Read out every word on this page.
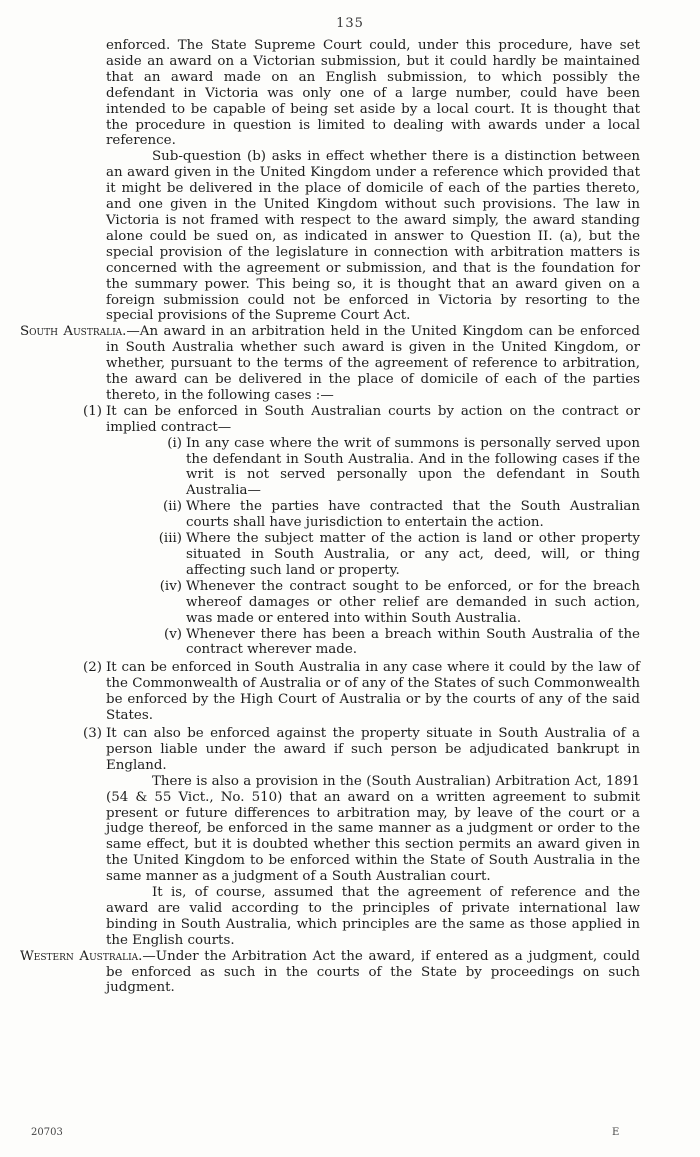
135

enforced. The State Supreme Court could, under this procedure, have set aside an award on a Victorian submission, but it could hardly be maintained that an award made on an English submission, to which possibly the defendant in Victoria was only one of a large number, could have been intended to be capable of being set aside by a local court. It is thought that the procedure in question is limited to dealing with awards under a local reference.

Sub-question (b) asks in effect whether there is a distinction between an award given in the United Kingdom under a reference which provided that it might be delivered in the place of domicile of each of the parties thereto, and one given in the United Kingdom without such provisions. The law in Victoria is not framed with respect to the award simply, the award standing alone could be sued on, as indicated in answer to Question II. (a), but the special provision of the legislature in connection with arbitration matters is concerned with the agreement or submission, and that is the foundation for the summary power. This being so, it is thought that an award given on a foreign submission could not be enforced in Victoria by resorting to the special provisions of the Supreme Court Act.

South Australia.—An award in an arbitration held in the United Kingdom can be enforced in South Australia whether such award is given in the United Kingdom, or whether, pursuant to the terms of the agreement of reference to arbitration, the award can be delivered in the place of domicile of each of the parties thereto, in the following cases :—

(1) It can be enforced in South Australian courts by action on the contract or implied contract—
(i) In any case where the writ of summons is personally served upon the defendant in South Australia. And in the following cases if the writ is not served personally upon the defendant in South Australia—
(ii) Where the parties have contracted that the South Australian courts shall have jurisdiction to entertain the action.
(iii) Where the subject matter of the action is land or other property situated in South Australia, or any act, deed, will, or thing affecting such land or property.
(iv) Whenever the contract sought to be enforced, or for the breach whereof damages or other relief are demanded in such action, was made or entered into within South Australia.
(v) Whenever there has been a breach within South Australia of the contract wherever made.
(2) It can be enforced in South Australia in any case where it could by the law of the Commonwealth of Australia or of any of the States of such Commonwealth be enforced by the High Court of Australia or by the courts of any of the said States.
(3) It can also be enforced against the property situate in South Australia of a person liable under the award if such person be adjudicated bankrupt in England.

There is also a provision in the (South Australian) Arbitration Act, 1891 (54 & 55 Vict., No. 510) that an award on a written agreement to submit present or future differences to arbitration may, by leave of the court or a judge thereof, be enforced in the same manner as a judgment or order to the same effect, but it is doubted whether this section permits an award given in the United Kingdom to be enforced within the State of South Australia in the same manner as a judgment of a South Australian court.

It is, of course, assumed that the agreement of reference and the award are valid according to the principles of private international law binding in South Australia, which principles are the same as those applied in the English courts.

Western Australia.—Under the Arbitration Act the award, if entered as a judgment, could be enforced as such in the courts of the State by proceedings on such judgment.

20703	E
